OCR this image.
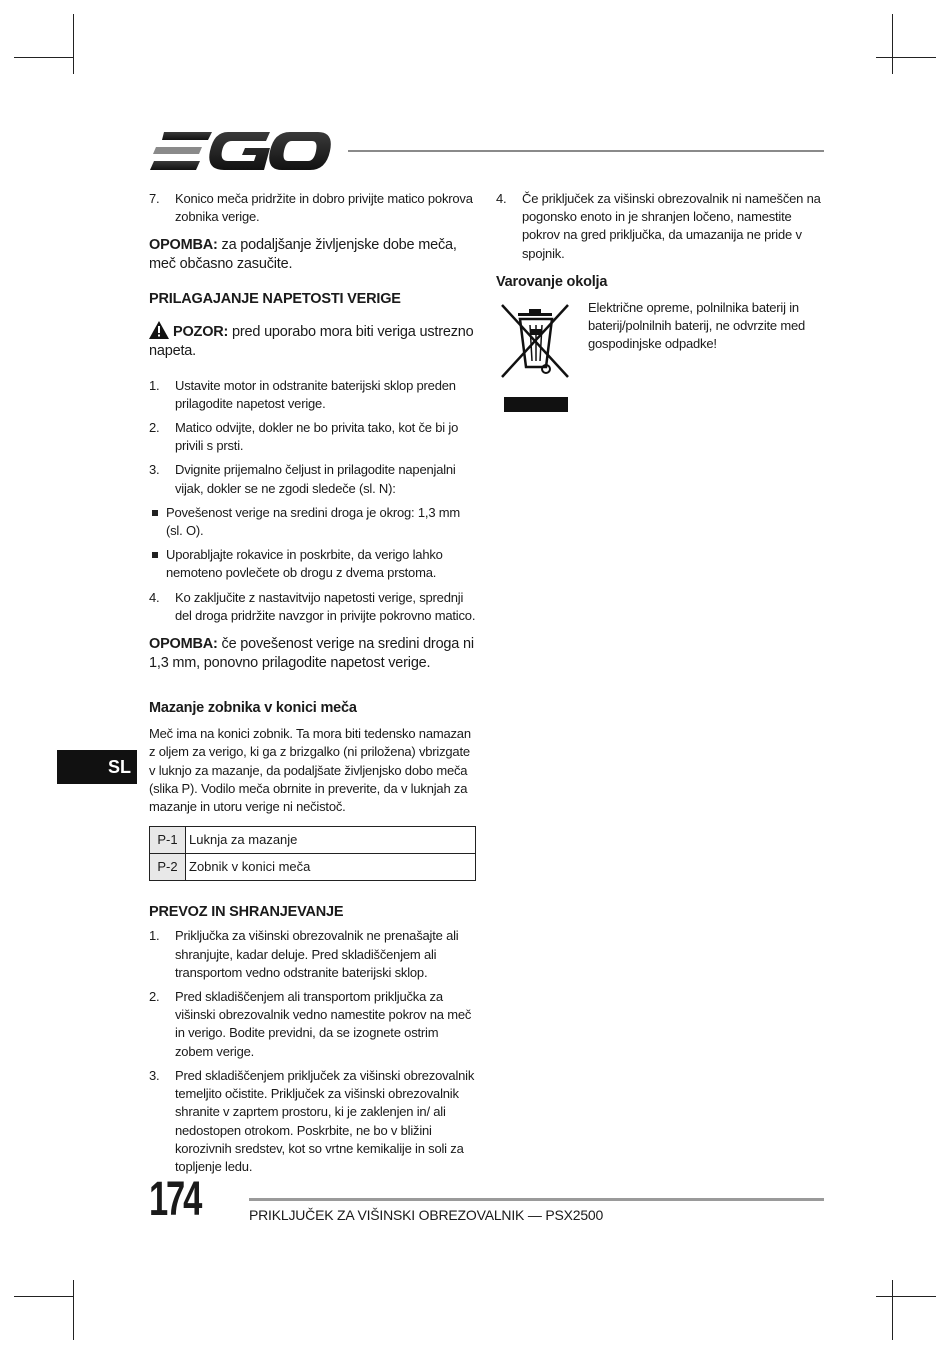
7. Konico meča pridržite in dobro privijte matico pokrova zobnika verige.

OPOMBA: za podaljšanje življenjske dobe meča, meč občasno zasučite.

PRILAGAJANJE NAPETOSTI VERIGE

POZOR: pred uporabo mora biti veriga ustrezno napeta.

1. Ustavite motor in odstranite baterijski sklop preden prilagodite napetost verige.
2. Matico odvijte, dokler ne bo privita tako, kot če bi jo privili s prsti.
3. Dvignite prijemalno čeljust in prilagodite napenjalni vijak, dokler se ne zgodi sledeče (sl. N):
Povešenost verige na sredini droga je okrog: 1,3 mm (sl. O).
Uporabljajte rokavice in poskrbite, da verigo lahko nemoteno povlečete ob drogu z dvema prstoma.
4. Ko zaključite z nastavitvijo napetosti verige, sprednji del droga pridržite navzgor in privijte pokrovno matico.

OPOMBA: če povešenost verige na sredini droga ni 1,3 mm, ponovno prilagodite napetost verige.

Mazanje zobnika v konici meča

Meč ima na konici zobnik. Ta mora biti tedensko namazan z oljem za verigo, ki ga z brizgalko (ni priložena) vbrizgate v luknjo za mazanje, da podaljšate življenjsko dobo meča (slika P). Vodilo meča obrnite in preverite, da v luknjah za mazanje in utoru verige ni nečistoč.

P-1	Luknja za mazanje
P-2	Zobnik v konici meča
PREVOZ IN SHRANJEVANJE
1. Priključka za višinski obrezovalnik ne prenašajte ali shranjujte, kadar deluje. Pred skladiščenjem ali transportom vedno odstranite baterijski sklop.
2. Pred skladiščenjem ali transportom priključka za višinski obrezovalnik vedno namestite pokrov na meč in verigo. Bodite previdni, da se izognete ostrim zobem verige.
3. Pred skladiščenjem priključek za višinski obrezovalnik temeljito očistite. Priključek za višinski obrezovalnik shranite v zaprtem prostoru, ki je zaklenjen in/ ali nedostopen otrokom. Poskrbite, ne bo v bližini korozivnih sredstev, kot so vrtne kemikalije in soli za topljenje ledu.
4. Če priključek za višinski obrezovalnik ni nameščen na pogonsko enoto in je shranjen ločeno, namestite pokrov na gred priključka, da umazanija ne pride v spojnik.
Varovanje okolja

Električne opreme, polnilnika baterij in baterij/polnilnih baterij, ne odvrzite med gospodinjske odpadke!

SL
174	PRIKLJUČEK ZA VIŠINSKI OBREZOVALNIK — PSX2500
